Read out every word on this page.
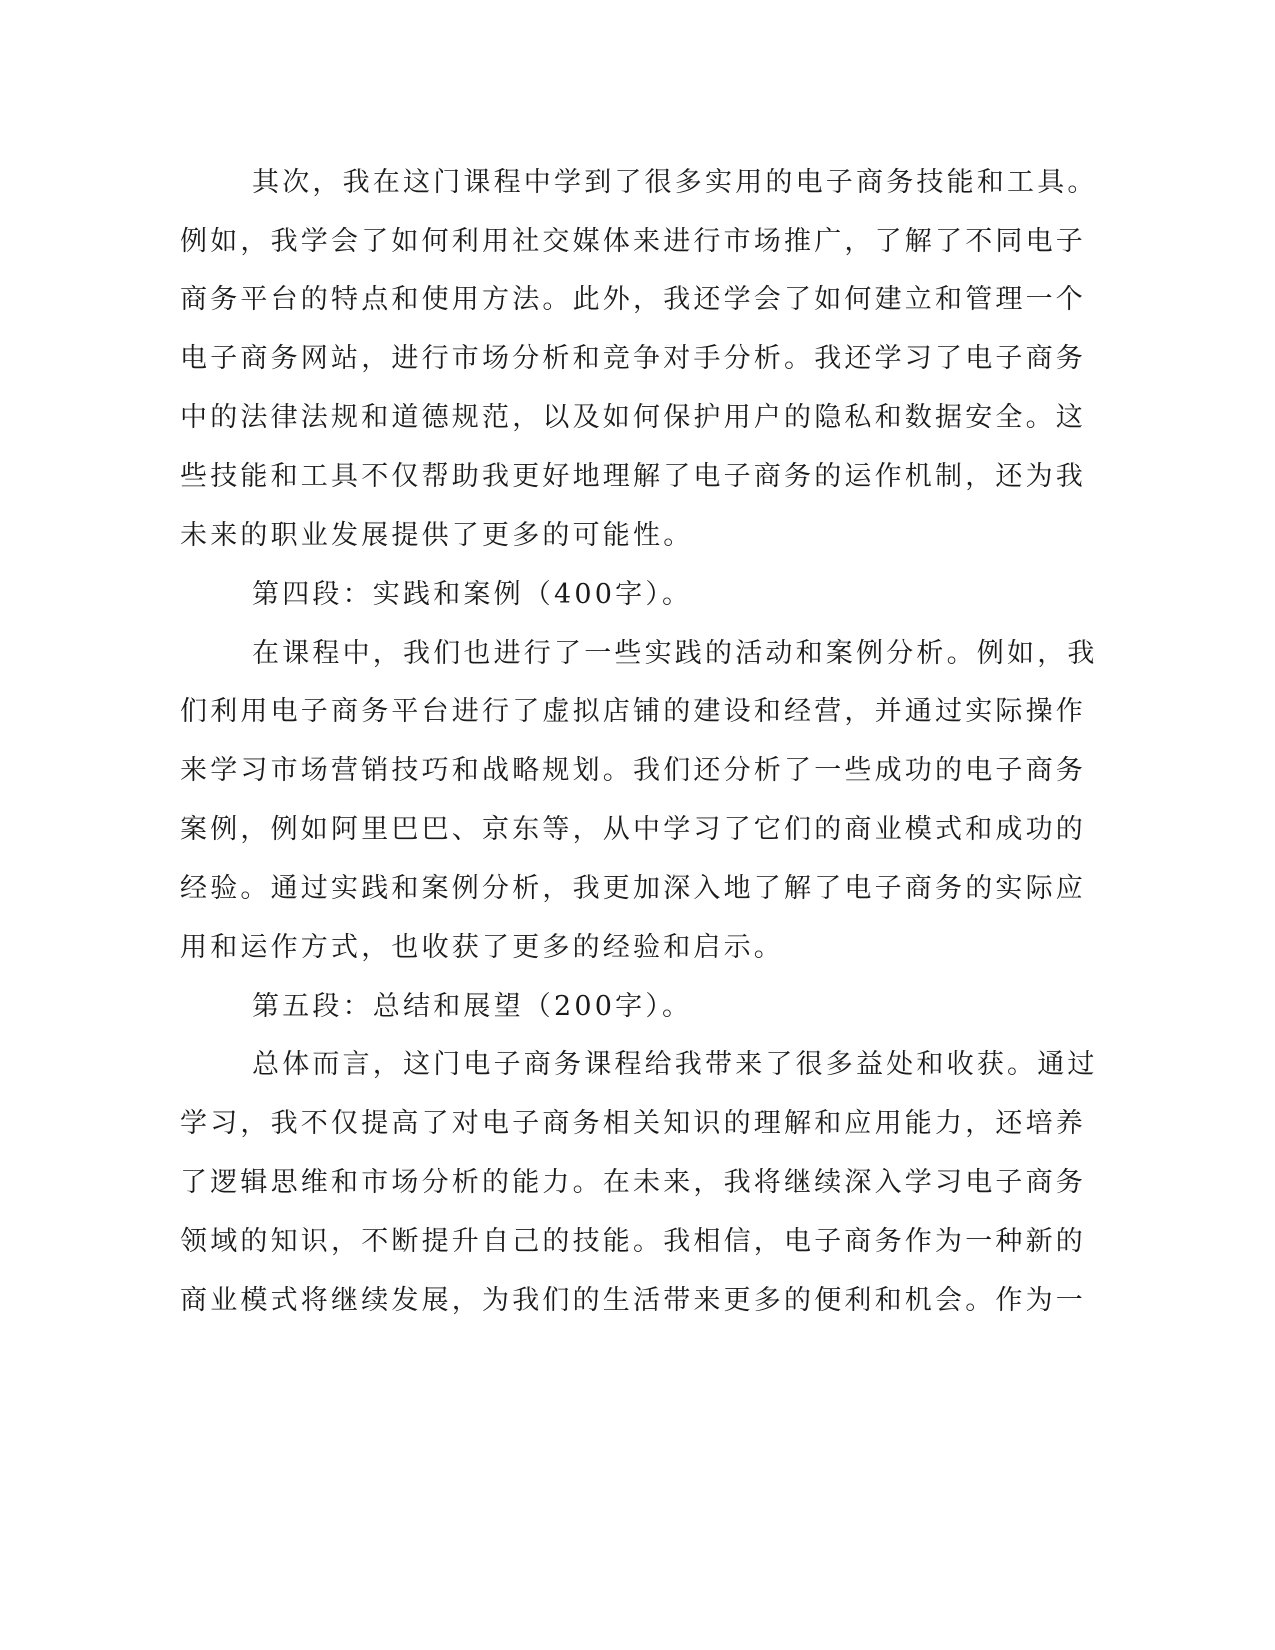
其次，我在这门课程中学到了很多实用的电子商务技能和工具。
例如，我学会了如何利用社交媒体来进行市场推广，了解了不同电子
商务平台的特点和使用方法。此外，我还学会了如何建立和管理一个
电子商务网站，进行市场分析和竞争对手分析。我还学习了电子商务
中的法律法规和道德规范，以及如何保护用户的隐私和数据安全。这
些技能和工具不仅帮助我更好地理解了电子商务的运作机制，还为我
未来的职业发展提供了更多的可能性。
第四段：实践和案例（400字）。
在课程中，我们也进行了一些实践的活动和案例分析。例如，我
们利用电子商务平台进行了虚拟店铺的建设和经营，并通过实际操作
来学习市场营销技巧和战略规划。我们还分析了一些成功的电子商务
案例，例如阿里巴巴、京东等，从中学习了它们的商业模式和成功的
经验。通过实践和案例分析，我更加深入地了解了电子商务的实际应
用和运作方式，也收获了更多的经验和启示。
第五段：总结和展望（200字）。
总体而言，这门电子商务课程给我带来了很多益处和收获。通过
学习，我不仅提高了对电子商务相关知识的理解和应用能力，还培养
了逻辑思维和市场分析的能力。在未来，我将继续深入学习电子商务
领域的知识，不断提升自己的技能。我相信，电子商务作为一种新的
商业模式将继续发展，为我们的生活带来更多的便利和机会。作为一
